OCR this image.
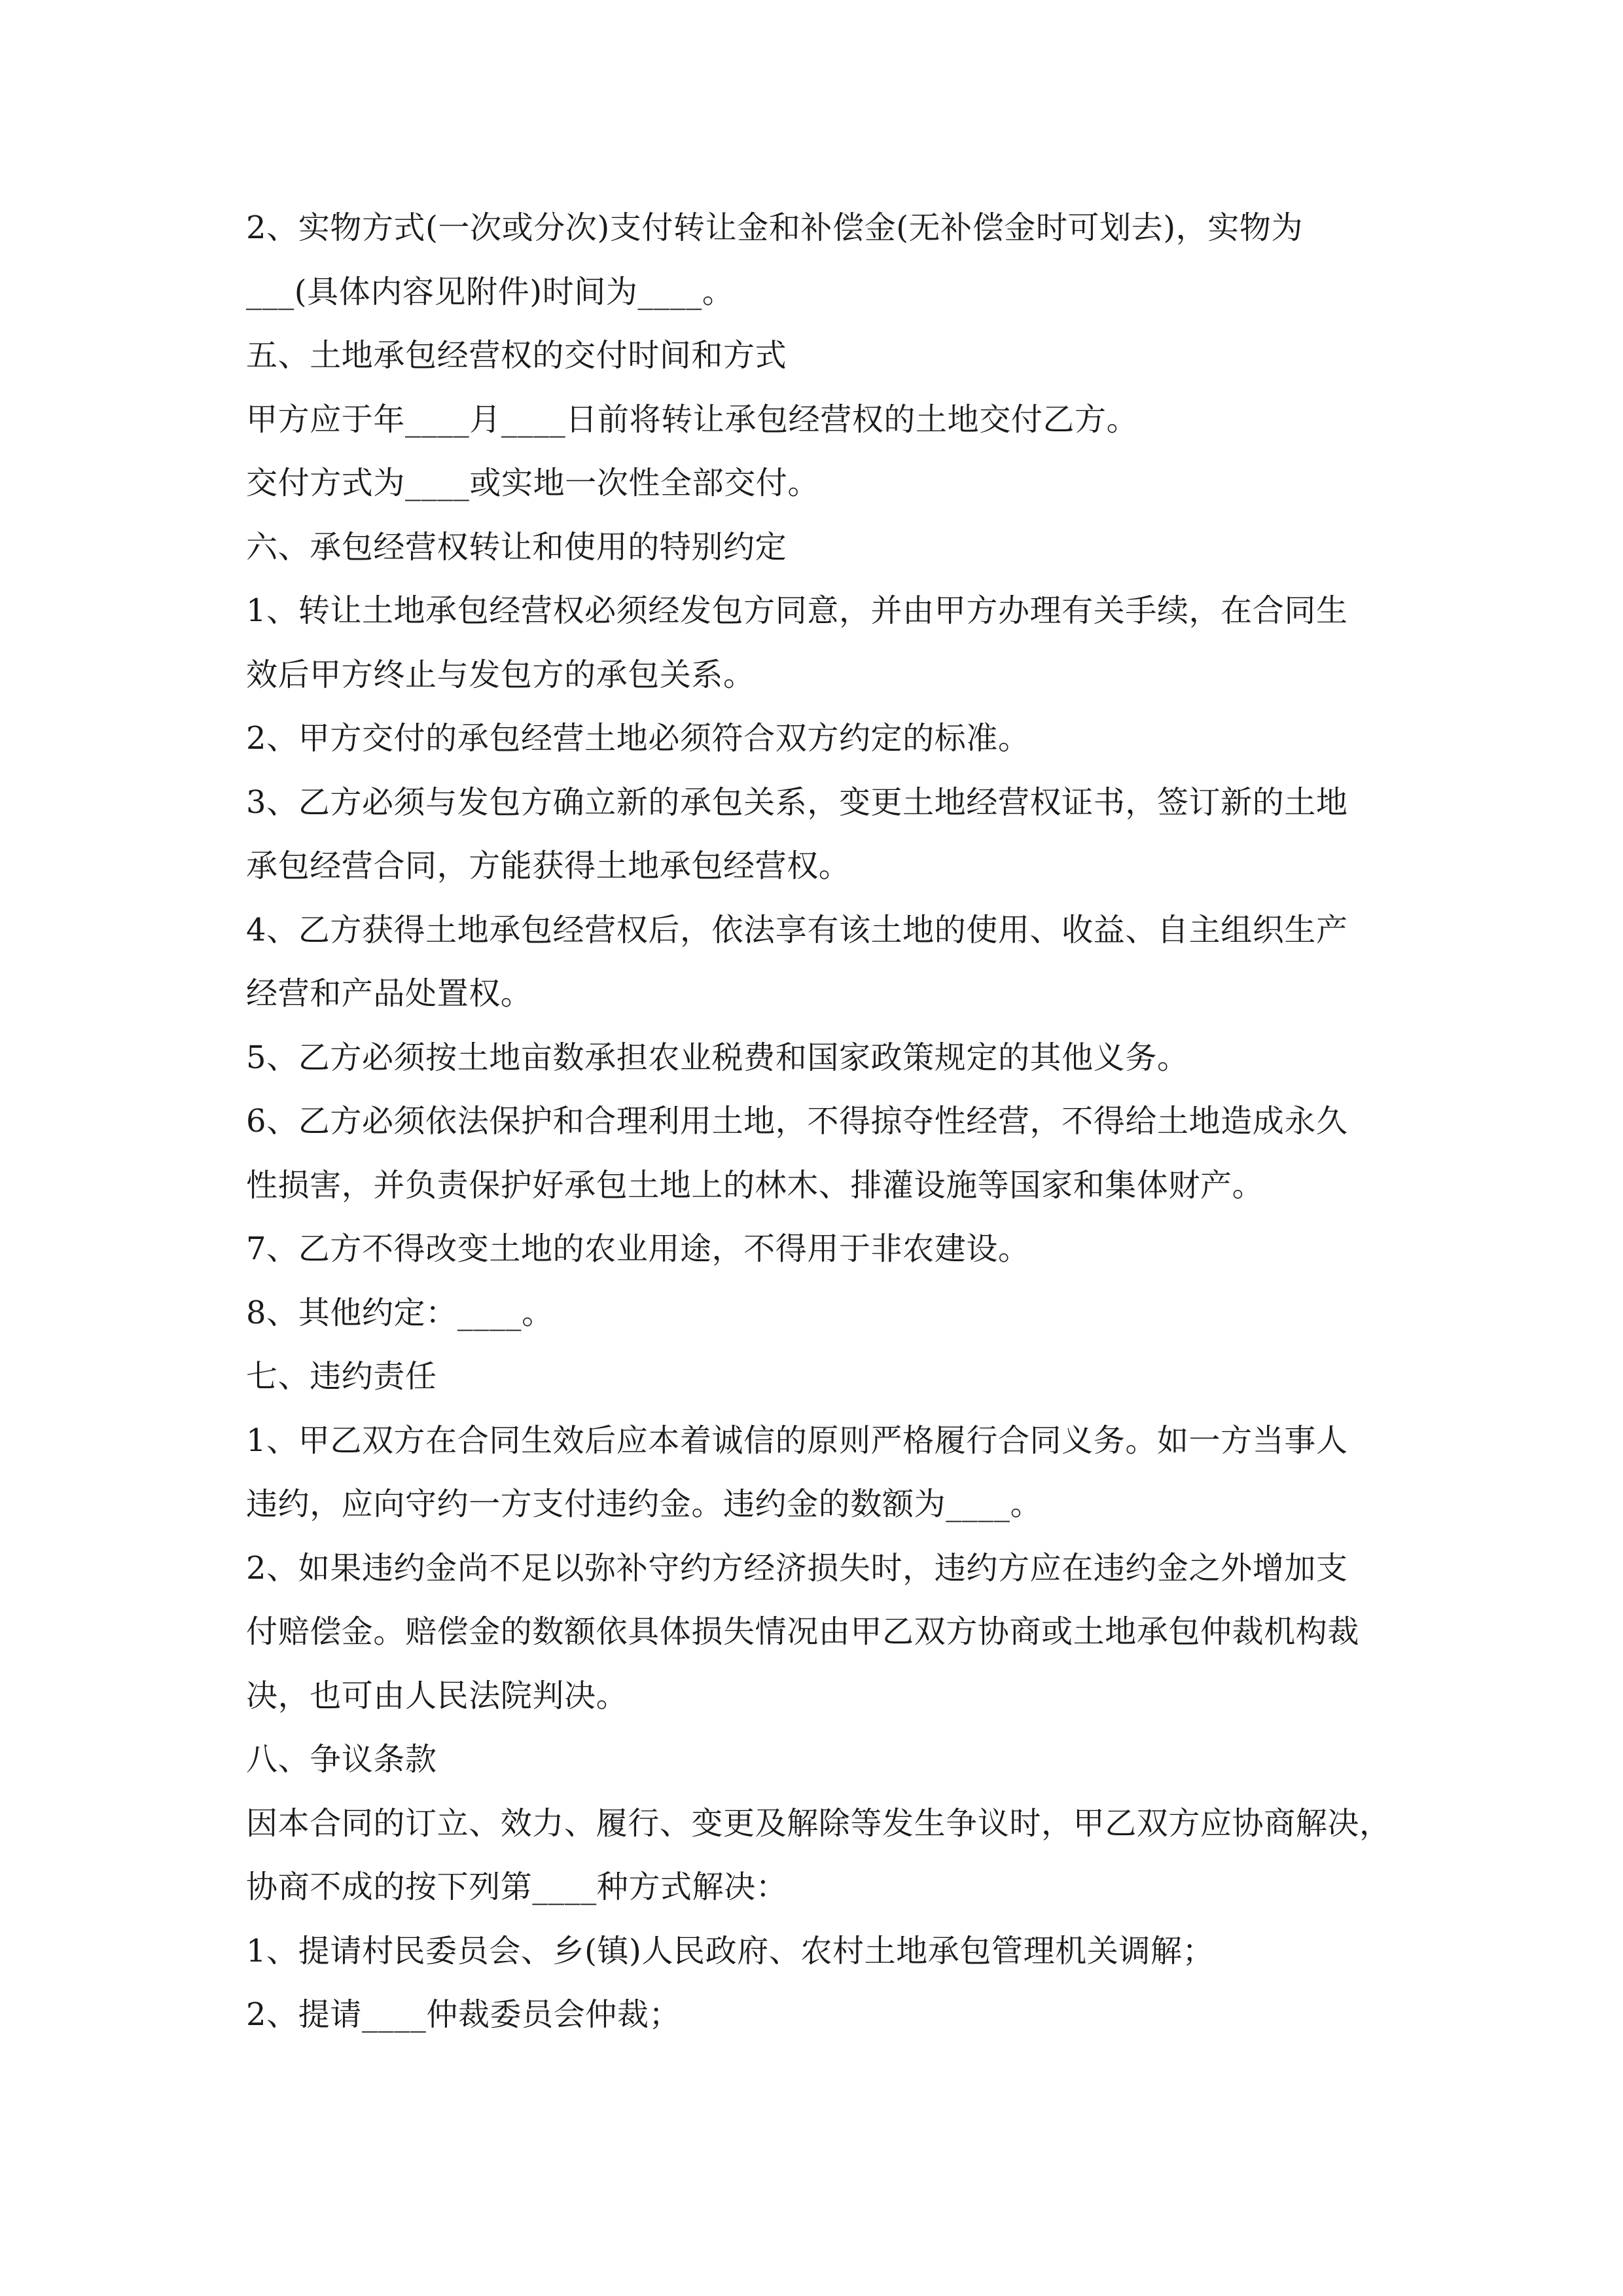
2、实物方式(一次或分次)支付转让金和补偿金(无补偿金时可划去)，实物为
___(具体内容见附件)时间为____。
五、土地承包经营权的交付时间和方式
甲方应于年____月____日前将转让承包经营权的土地交付乙方。
交付方式为____或实地一次性全部交付。
六、承包经营权转让和使用的特别约定
1、转让土地承包经营权必须经发包方同意，并由甲方办理有关手续，在合同生
效后甲方终止与发包方的承包关系。
2、甲方交付的承包经营土地必须符合双方约定的标准。
3、乙方必须与发包方确立新的承包关系，变更土地经营权证书，签订新的土地
承包经营合同，方能获得土地承包经营权。
4、乙方获得土地承包经营权后，依法享有该土地的使用、收益、自主组织生产
经营和产品处置权。
5、乙方必须按土地亩数承担农业税费和国家政策规定的其他义务。
6、乙方必须依法保护和合理利用土地，不得掠夺性经营，不得给土地造成永久
性损害，并负责保护好承包土地上的林木、排灌设施等国家和集体财产。
7、乙方不得改变土地的农业用途，不得用于非农建设。
8、其他约定：____。
七、违约责任
1、甲乙双方在合同生效后应本着诚信的原则严格履行合同义务。如一方当事人
违约，应向守约一方支付违约金。违约金的数额为____。
2、如果违约金尚不足以弥补守约方经济损失时，违约方应在违约金之外增加支
付赔偿金。赔偿金的数额依具体损失情况由甲乙双方协商或土地承包仲裁机构裁
决，也可由人民法院判决。
八、争议条款
因本合同的订立、效力、履行、变更及解除等发生争议时，甲乙双方应协商解决，
协商不成的按下列第____种方式解决：
1、提请村民委员会、乡(镇)人民政府、农村土地承包管理机关调解；
2、提请____仲裁委员会仲裁；
